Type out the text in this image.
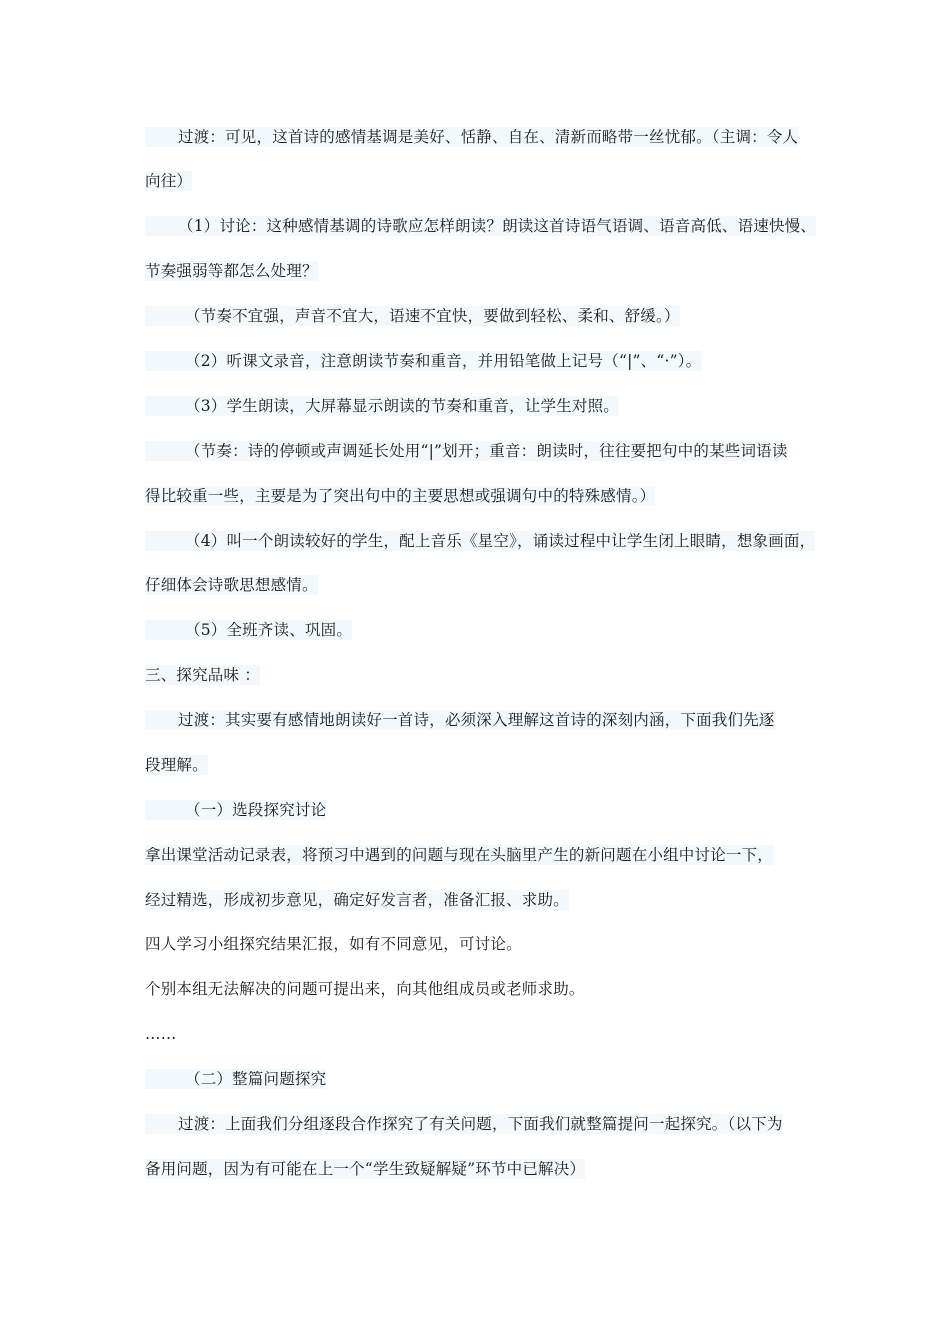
过渡：可见，这首诗的感情基调是美好、恬静、自在、清新而略带一丝忧郁。（主调：令人
向往）
（1）讨论：这种感情基调的诗歌应怎样朗读？朗读这首诗语气语调、语音高低、语速快慢、
节奏强弱等都怎么处理？
（节奏不宜强，声音不宜大，语速不宜快，要做到轻松、柔和、舒缓。）
（2）听课文录音，注意朗读节奏和重音，并用铅笔做上记号（“|”、“·”）。
（3）学生朗读，大屏幕显示朗读的节奏和重音，让学生对照。
（节奏：诗的停顿或声调延长处用“|”划开；重音：朗读时，往往要把句中的某些词语读
得比较重一些，主要是为了突出句中的主要思想或强调句中的特殊感情。）
（4）叫一个朗读较好的学生，配上音乐《星空》，诵读过程中让学生闭上眼睛，想象画面，
仔细体会诗歌思想感情。
（5）全班齐读、巩固。
三、探究品味 ：
过渡：其实要有感情地朗读好一首诗，必须深入理解这首诗的深刻内涵，下面我们先逐
段理解。
（一）选段探究讨论
拿出课堂活动记录表，将预习中遇到的问题与现在头脑里产生的新问题在小组中讨论一下，
经过精选，形成初步意见，确定好发言者，准备汇报、求助。
四人学习小组探究结果汇报，如有不同意见，可讨论。
个别本组无法解决的问题可提出来，向其他组成员或老师求助。
……
（二）整篇问题探究
过渡：上面我们分组逐段合作探究了有关问题，下面我们就整篇提问一起探究。（以下为
备用问题，因为有可能在上一个“学生致疑解疑”环节中已解决）
